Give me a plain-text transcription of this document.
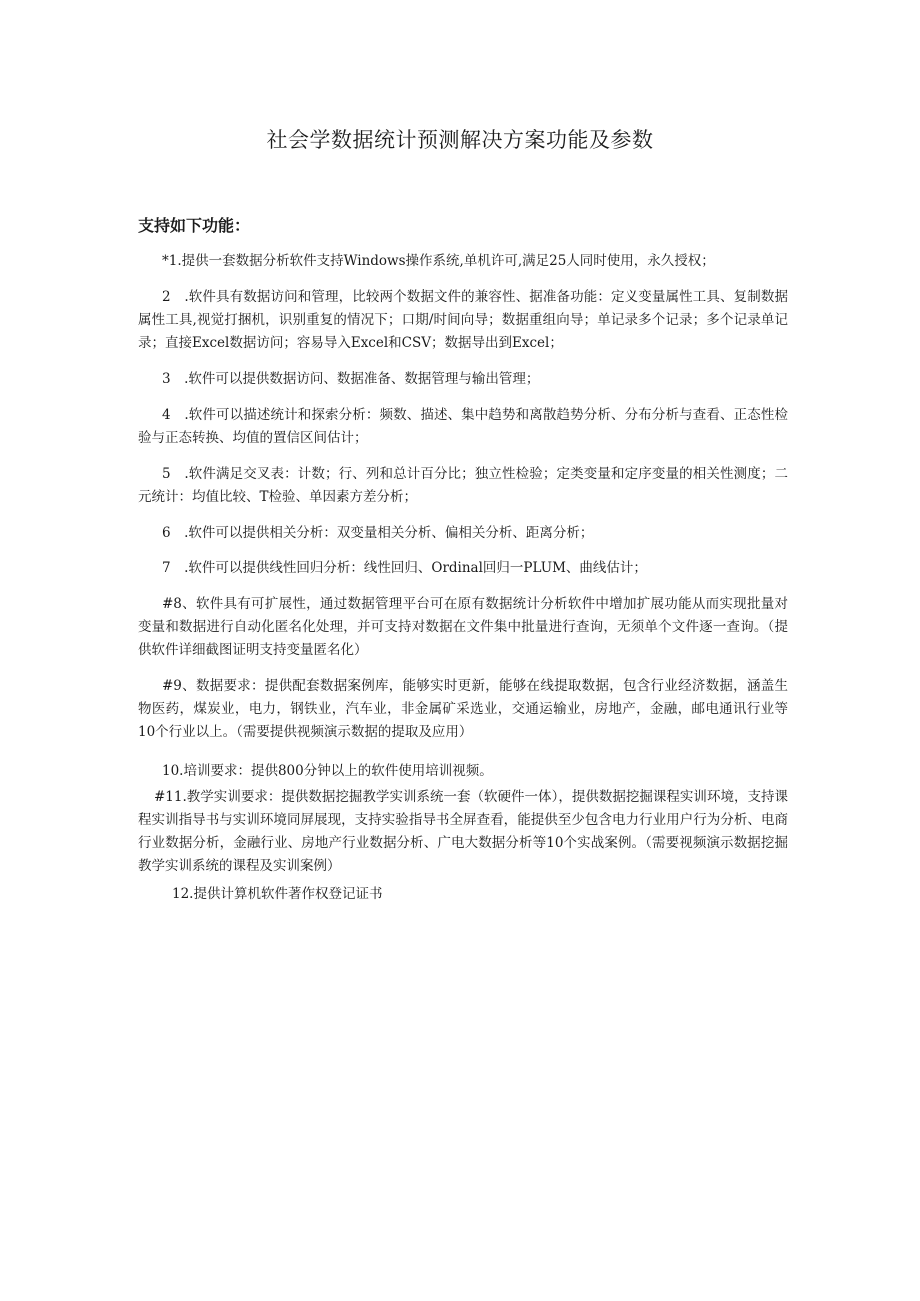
社会学数据统计预测解决方案功能及参数
支持如下功能：

*1.提供一套数据分析软件支持Windows操作系统,单机许可,满足25人同时使用，永久授权；

2　.软件具有数据访问和管理，比较两个数据文件的兼容性、据准备功能：定义变量属性工具、复制数据属性工具,视觉打捆机，识别重复的情况下；口期/时间向导；数据重组向导；单记录多个记录；多个记录单记录；直接Excel数据访问；容易导入Excel和CSV；数据导出到Excel；

3　.软件可以提供数据访问、数据准备、数据管理与输出管理；

4　.软件可以描述统计和探索分析：频数、描述、集中趋势和离散趋势分析、分布分析与查看、正态性检验与正态转换、均值的置信区间估计；

5　.软件满足交叉表：计数；行、列和总计百分比；独立性检验；定类变量和定序变量的相关性测度；二元统计：均值比较、T检验、单因素方差分析；

6　.软件可以提供相关分析：双变量相关分析、偏相关分析、距离分析；

7　.软件可以提供线性回归分析：线性回归、Ordinal回归一PLUM、曲线估计；

#8、软件具有可扩展性，通过数据管理平台可在原有数据统计分析软件中增加扩展功能从而实现批量对变量和数据进行自动化匿名化处理，并可支持对数据在文件集中批量进行查询，无须单个文件逐一查询。（提供软件详细截图证明支持变量匿名化）

#9、数据要求：提供配套数据案例库，能够实时更新，能够在线提取数据，包含行业经济数据，涵盖生物医药，煤炭业，电力，钢铁业，汽车业，非金属矿采选业，交通运输业，房地产，金融，邮电通讯行业等10个行业以上。（需要提供视频演示数据的提取及应用）

10.培训要求：提供800分钟以上的软件使用培训视频。

#11.教学实训要求：提供数据挖掘教学实训系统一套（软硬件一体），提供数据挖掘课程实训环境，支持课程实训指导书与实训环境同屏展现，支持实验指导书全屏查看，能提供至少包含电力行业用户行为分析、电商行业数据分析，金融行业、房地产行业数据分析、广电大数据分析等10个实战案例。（需要视频演示数据挖掘教学实训系统的课程及实训案例）

12.提供计算机软件著作权登记证书
